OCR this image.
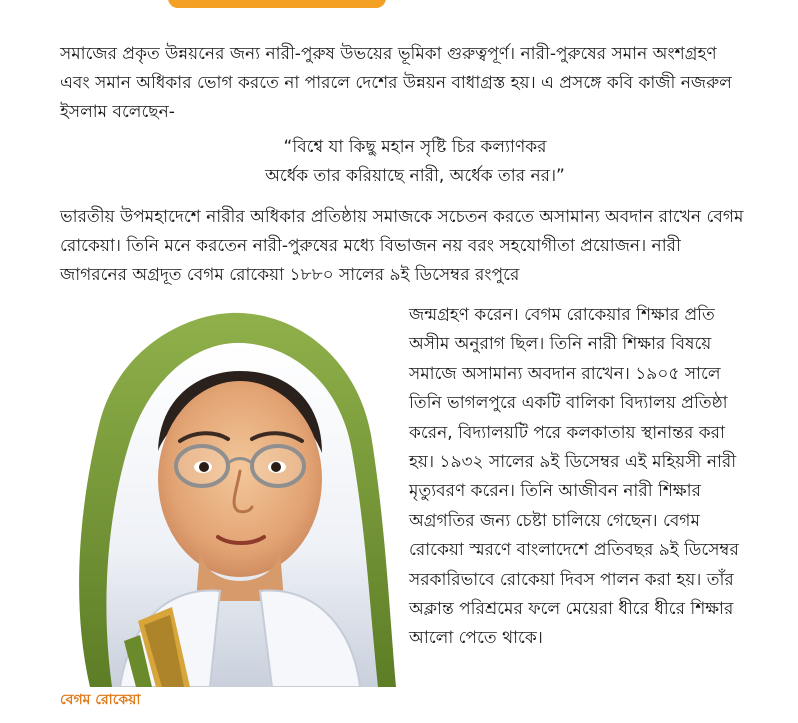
সমাজের প্রকৃত উন্নয়নের জন্য নারী-পুরুষ উভয়ের ভূমিকা গুরুত্বপূর্ণ। নারী-পুরুষের সমান অংশগ্রহণ এবং সমান অধিকার ভোগ করতে না পারলে দেশের উন্নয়ন বাধাগ্রস্ত হয়। এ প্রসঙ্গে কবি কাজী নজরুল ইসলাম বলেছেন-

“বিশ্বে যা কিছু মহান সৃষ্টি চির কল্যাণকর
অর্ধেক তার করিয়াছে নারী, অর্ধেক তার নর।”

ভারতীয় উপমহাদেশে নারীর অধিকার প্রতিষ্ঠায় সমাজকে সচেতন করতে অসামান্য অবদান রাখেন বেগম রোকেয়া। তিনি মনে করতেন নারী-পুরুষের মধ্যে বিভাজন নয় বরং সহযোগীতা প্রয়োজন। নারী জাগরনের অগ্রদূত বেগম রোকেয়া ১৮৮০ সালের ৯ই ডিসেম্বর রংপুরে

জন্মগ্রহণ করেন। বেগম রোকেয়ার শিক্ষার প্রতি অসীম অনুরাগ ছিল। তিনি নারী শিক্ষার বিষয়ে সমাজে অসামান্য অবদান রাখেন। ১৯০৫ সালে তিনি ভাগলপুরে একটি বালিকা বিদ্যালয় প্রতিষ্ঠা করেন, বিদ্যালয়টি পরে কলকাতায় স্থানান্তর করা হয়। ১৯৩২ সালের ৯ই ডিসেম্বর এই মহিয়সী নারী মৃত্যুবরণ করেন। তিনি আজীবন নারী শিক্ষার অগ্রগতির জন্য চেষ্টা চালিয়ে গেছেন। বেগম রোকেয়া স্মরণে বাংলাদেশে প্রতিবছর ৯ই ডিসেম্বর সরকারিভাবে রোকেয়া দিবস পালন করা হয়। তাঁর অক্লান্ত পরিশ্রমের ফলে মেয়েরা ধীরে ধীরে শিক্ষার আলো পেতে থাকে।

বেগম রোকেয়া
